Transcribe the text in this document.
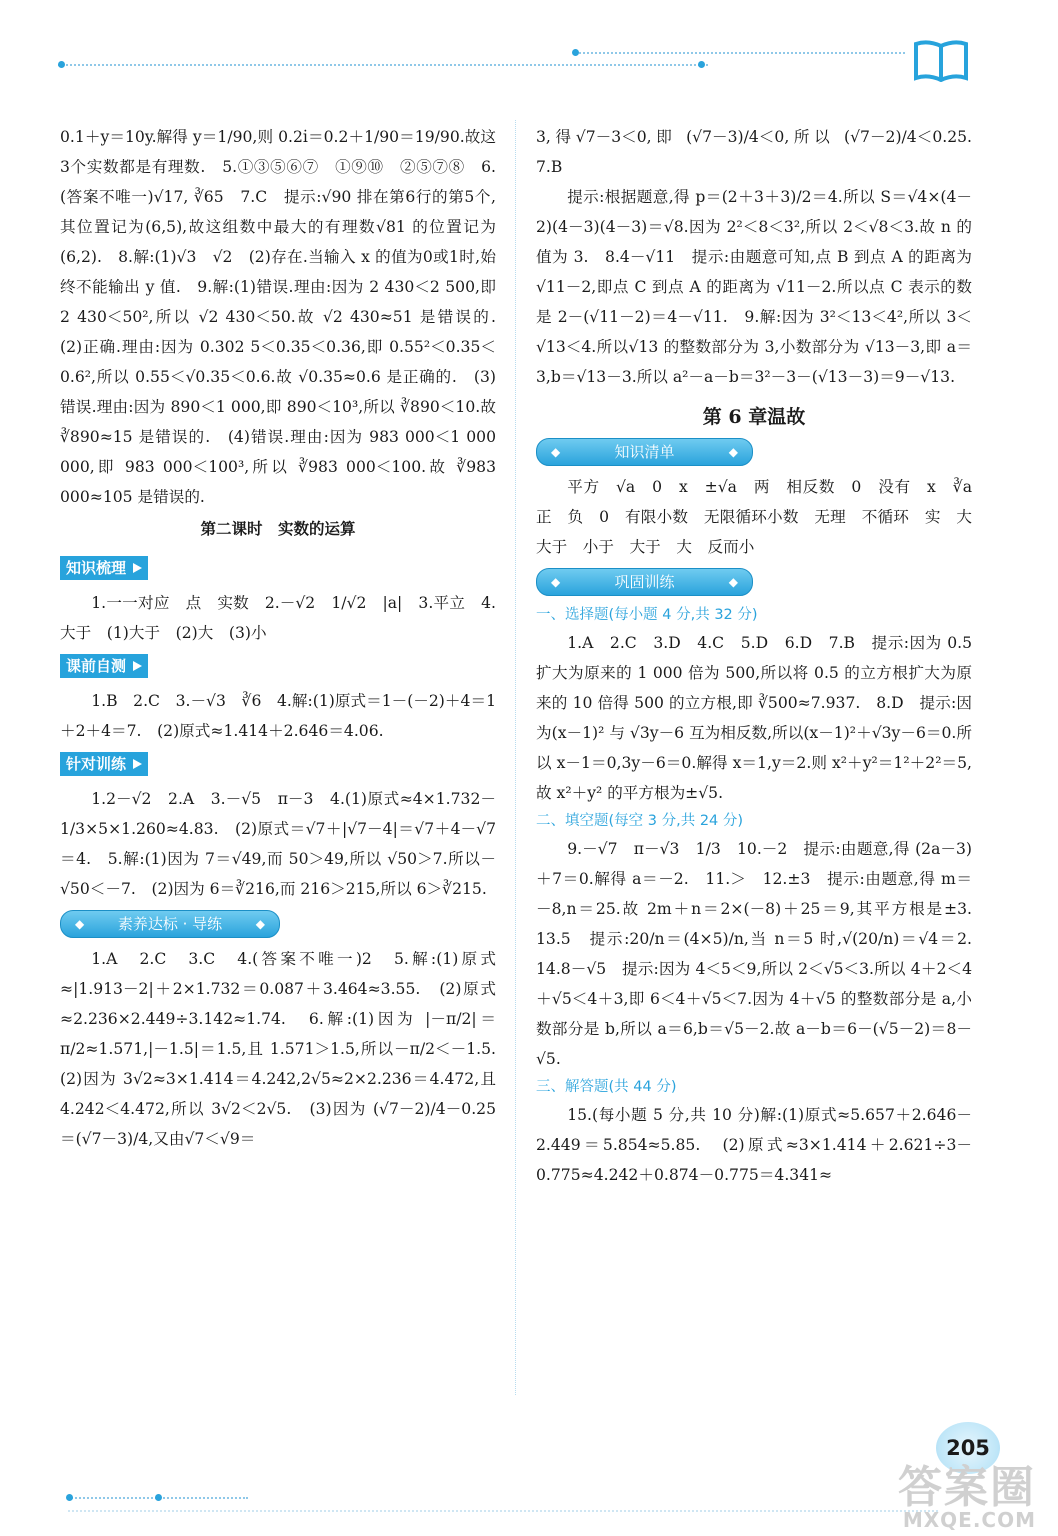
0.1＋y＝10y.解得 y＝1/90,则 0.2i̇＝0.2＋1/90＝19/90.故这3个实数都是有理数.　5.①③⑤⑥⑦　①⑨⑩　②⑤⑦⑧　6.(答案不唯一)√17, ∛65　7.C　提示:√90 排在第6行的第5个,其位置记为(6,5),故这组数中最大的有理数√81 的位置记为(6,2).　8.解:(1)√3　√2　(2)存在.当输入 x 的值为0或1时,始终不能输出 y 值.　9.解:(1)错误.理由:因为 2 430＜2 500,即 2 430＜50²,所以 √2 430＜50.故 √2 430≈51 是错误的.　(2)正确.理由:因为 0.302 5＜0.35＜0.36,即 0.55²＜0.35＜0.6²,所以 0.55＜√0.35＜0.6.故 √0.35≈0.6 是正确的.　(3)错误.理由:因为 890＜1 000,即 890＜10³,所以 ∛890＜10.故 ∛890≈15 是错误的.　(4)错误.理由:因为 983 000＜1 000 000,即 983 000＜100³,所以 ∛983 000＜100.故 ∛983 000≈105 是错误的.

第二课时　实数的运算
知识梳理

1.一一对应　点　实数　2.－√2　1/√2　|a|　3.平立　4.大于　(1)大于　(2)大　(3)小

课前自测

1.B　2.C　3.－√3　∛6　4.解:(1)原式＝1－(－2)＋4＝1＋2＋4＝7.　(2)原式≈1.414＋2.646＝4.06.

针对训练

1.2－√2　2.A　3.－√5　π－3　4.(1)原式≈4×1.732－1/3×5×1.260≈4.83.　(2)原式＝√7＋|√7－4|＝√7＋4－√7＝4.　5.解:(1)因为 7＝√49,而 50＞49,所以 √50＞7.所以－√50＜－7.　(2)因为 6＝∛216,而 216＞215,所以 6＞∛215.

◆ 素养达标 · 导练 ◆

1.A　2.C　3.C　4.(答案不唯一)2　5.解:(1)原式≈|1.913－2|＋2×1.732＝0.087＋3.464≈3.55.　(2)原式≈2.236×2.449÷3.142≈1.74.　6.解:(1)因为 |－π/2|＝π/2≈1.571,|－1.5|＝1.5,且 1.571＞1.5,所以－π/2＜－1.5.　(2)因为 3√2≈3×1.414＝4.242,2√5≈2×2.236＝4.472,且 4.242＜4.472,所以 3√2＜2√5.　(3)因为 (√7－2)/4－0.25＝(√7－3)/4,又由√7＜√9＝

3,得√7－3＜0,即 (√7－3)/4＜0,所以 (√7－2)/4＜0.25.　7.B

提示:根据题意,得 p＝(2＋3＋3)/2＝4.所以 S＝√4×(4－2)(4－3)(4－3)＝√8.因为 2²＜8＜3²,所以 2＜√8＜3.故 n 的值为 3.　8.4－√11　提示:由题意可知,点 B 到点 A 的距离为 √11－2,即点 C 到点 A 的距离为 √11－2.所以点 C 表示的数是 2－(√11－2)＝4－√11.　9.解:因为 3²＜13＜4²,所以 3＜√13＜4.所以√13 的整数部分为 3,小数部分为 √13－3,即 a＝3,b＝√13－3.所以 a²－a－b＝3²－3－(√13－3)＝9－√13.

第 6 章温故
◆ 知识清单 ◆

平方　√a　0　x　±√a　两　相反数　0　没有　x　∛a　正　负　0　有限小数　无限循环小数　无理　不循环　实　大　大于　小于　大于　大　反而小

◆ 巩固训练 ◆
一、选择题(每小题 4 分,共 32 分)

1.A　2.C　3.D　4.C　5.D　6.D　7.B　提示:因为 0.5 扩大为原来的 1 000 倍为 500,所以将 0.5 的立方根扩大为原来的 10 倍得 500 的立方根,即 ∛500≈7.937.　8.D　提示:因为(x－1)² 与 √3y－6 互为相反数,所以(x－1)²＋√3y－6＝0.所以 x－1＝0,3y－6＝0.解得 x＝1,y＝2.则 x²＋y²＝1²＋2²＝5,故 x²＋y² 的平方根为±√5.

二、填空题(每空 3 分,共 24 分)

9.－√7　π－√3　1/3　10.－2　提示:由题意,得 (2a－3)＋7＝0.解得 a＝－2.　11.＞　12.±3　提示:由题意,得 m＝－8,n＝25.故 2m＋n＝2×(－8)＋25＝9,其平方根是±3.　13.5　提示:20/n＝(4×5)/n,当 n＝5 时,√(20/n)＝√4＝2.　14.8－√5　提示:因为 4＜5＜9,所以 2＜√5＜3.所以 4＋2＜4＋√5＜4＋3,即 6＜4＋√5＜7.因为 4＋√5 的整数部分是 a,小数部分是 b,所以 a＝6,b＝√5－2.故 a－b＝6－(√5－2)＝8－√5.

三、解答题(共 44 分)

15.(每小题 5 分,共 10 分)解:(1)原式≈5.657＋2.646－2.449＝5.854≈5.85.　(2)原式≈3×1.414＋2.621÷3－0.775≈4.242＋0.874－0.775＝4.341≈

205
答案圈
MXQE.COM
